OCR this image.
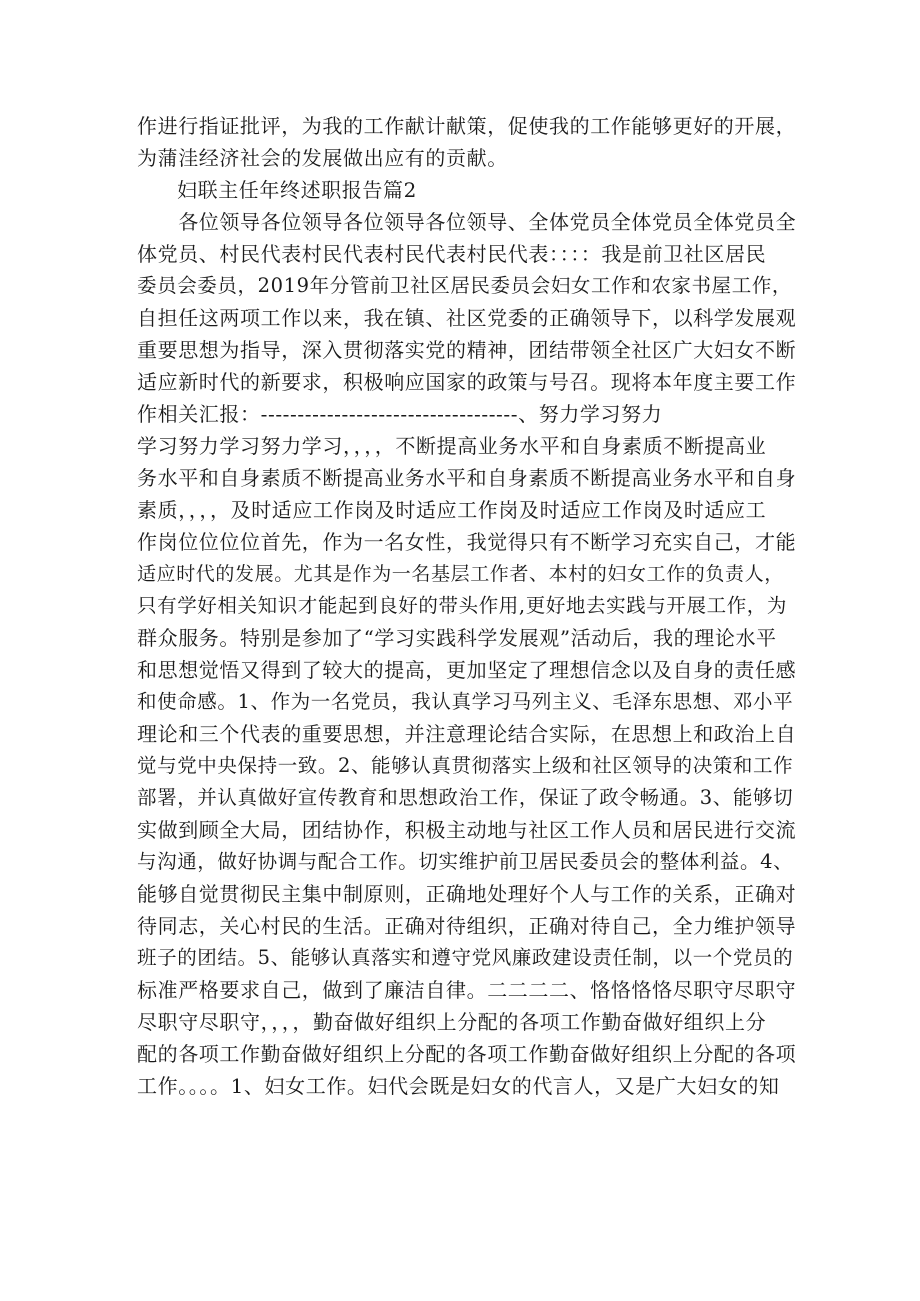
作进行指证批评，为我的工作献计献策，促使我的工作能够更好的开展，
为蒲洼经济社会的发展做出应有的贡献。
妇联主任年终述职报告篇2
　　各位领导各位领导各位领导各位领导、全体党员全体党员全体党员全
体党员、村民代表村民代表村民代表村民代表：：：：我是前卫社区居民
委员会委员，2019年分管前卫社区居民委员会妇女工作和农家书屋工作，
自担任这两项工作以来，我在镇、社区党委的正确领导下，以科学发展观
重要思想为指导，深入贯彻落实党的精神，团结带领全社区广大妇女不断
适应新时代的新要求，积极响应国家的政策与号召。现将本年度主要工作
作相关汇报：-----------------------------------、努力学习努力
学习努力学习努力学习，，，，不断提高业务水平和自身素质不断提高业
务水平和自身素质不断提高业务水平和自身素质不断提高业务水平和自身
素质，，，，及时适应工作岗及时适应工作岗及时适应工作岗及时适应工
作岗位位位位首先，作为一名女性，我觉得只有不断学习充实自己，才能
适应时代的发展。尤其是作为一名基层工作者、本村的妇女工作的负责人，
只有学好相关知识才能起到良好的带头作用,更好地去实践与开展工作，为
群众服务。特别是参加了“学习实践科学发展观”活动后，我的理论水平
和思想觉悟又得到了较大的提高，更加坚定了理想信念以及自身的责任感
和使命感。1、作为一名党员，我认真学习马列主义、毛泽东思想、邓小平
理论和三个代表的重要思想，并注意理论结合实际，在思想上和政治上自
觉与党中央保持一致。2、能够认真贯彻落实上级和社区领导的决策和工作
部署，并认真做好宣传教育和思想政治工作，保证了政令畅通。3、能够切
实做到顾全大局，团结协作，积极主动地与社区工作人员和居民进行交流
与沟通，做好协调与配合工作。切实维护前卫居民委员会的整体利益。4、
能够自觉贯彻民主集中制原则，正确地处理好个人与工作的关系，正确对
待同志，关心村民的生活。正确对待组织，正确对待自己，全力维护领导
班子的团结。5、能够认真落实和遵守党风廉政建设责任制，以一个党员的
标准严格要求自己，做到了廉洁自律。二二二二、恪恪恪恪尽职守尽职守
尽职守尽职守，，，，勤奋做好组织上分配的各项工作勤奋做好组织上分
配的各项工作勤奋做好组织上分配的各项工作勤奋做好组织上分配的各项
工作。。。。1、妇女工作。妇代会既是妇女的代言人，又是广大妇女的知
